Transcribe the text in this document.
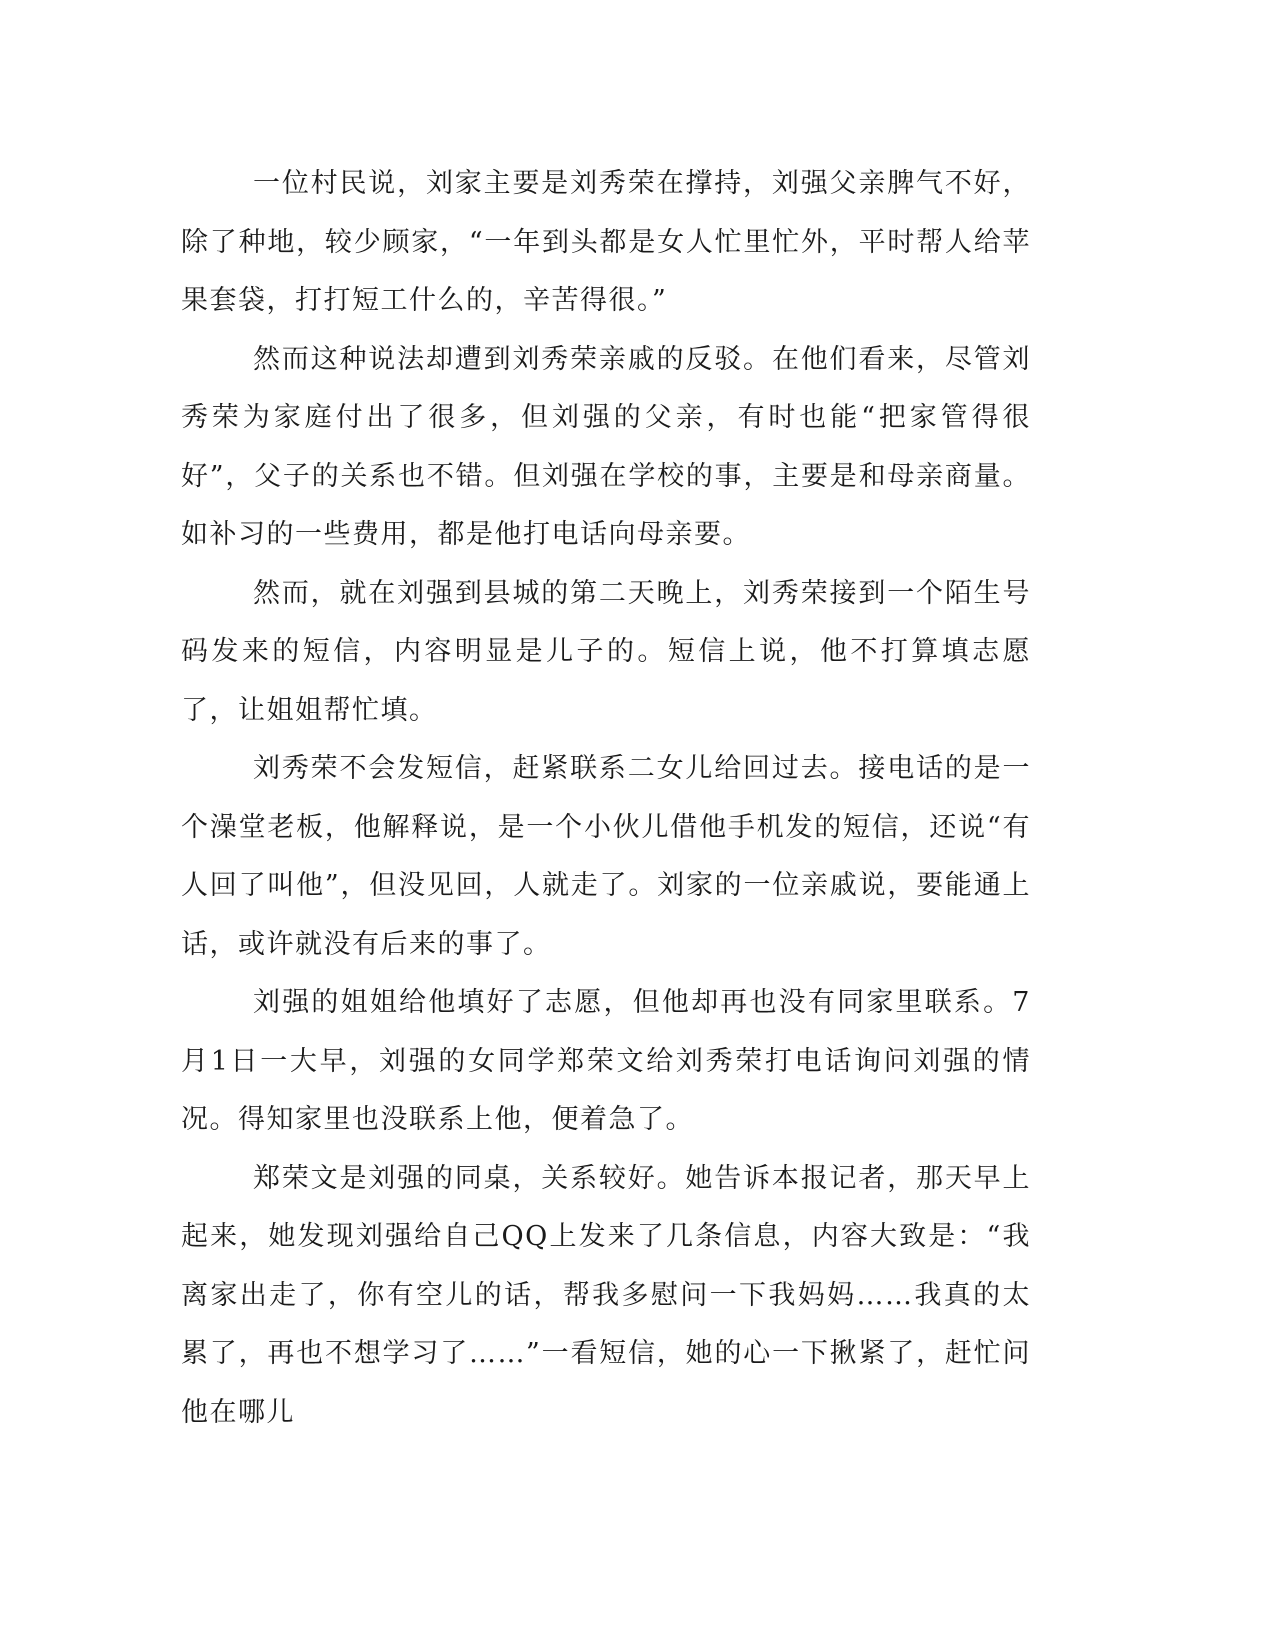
一位村民说，刘家主要是刘秀荣在撑持，刘强父亲脾气不好，除了种地，较少顾家，“一年到头都是女人忙里忙外，平时帮人给苹果套袋，打打短工什么的，辛苦得很。”

然而这种说法却遭到刘秀荣亲戚的反驳。在他们看来，尽管刘秀荣为家庭付出了很多，但刘强的父亲，有时也能“把家管得很好”，父子的关系也不错。但刘强在学校的事，主要是和母亲商量。如补习的一些费用，都是他打电话向母亲要。

然而，就在刘强到县城的第二天晚上，刘秀荣接到一个陌生号码发来的短信，内容明显是儿子的。短信上说，他不打算填志愿了，让姐姐帮忙填。

刘秀荣不会发短信，赶紧联系二女儿给回过去。接电话的是一个澡堂老板，他解释说，是一个小伙儿借他手机发的短信，还说“有人回了叫他”，但没见回，人就走了。刘家的一位亲戚说，要能通上话，或许就没有后来的事了。

刘强的姐姐给他填好了志愿，但他却再也没有同家里联系。7月1日一大早，刘强的女同学郑荣文给刘秀荣打电话询问刘强的情况。得知家里也没联系上他，便着急了。

郑荣文是刘强的同桌，关系较好。她告诉本报记者，那天早上起来，她发现刘强给自己QQ上发来了几条信息，内容大致是：“我离家出走了，你有空儿的话，帮我多慰问一下我妈妈……我真的太累了，再也不想学习了……”一看短信，她的心一下揪紧了，赶忙问他在哪儿
